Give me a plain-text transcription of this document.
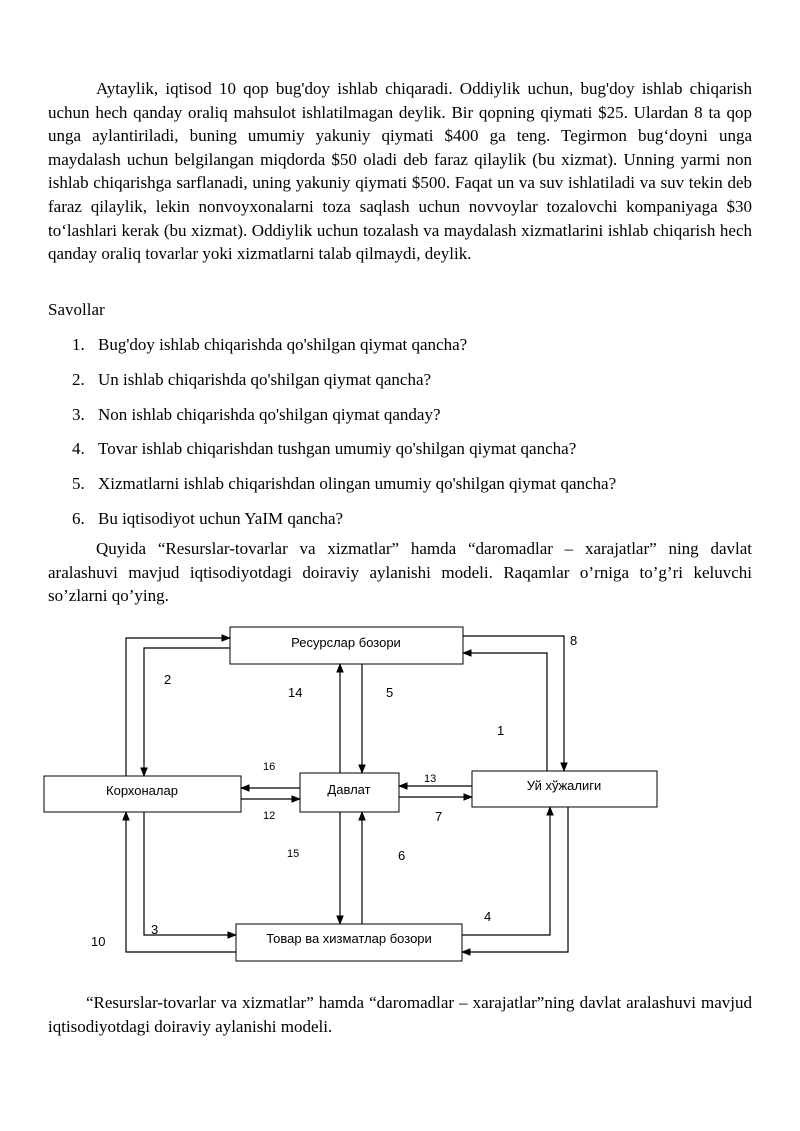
Aytaylik, iqtisod 10 qop bug'doy ishlab chiqaradi. Oddiylik uchun, bug'doy ishlab chiqarish uchun hech qanday oraliq mahsulot ishlatilmagan deylik. Bir qopning qiymati $25. Ulardan 8 ta qop unga aylantiriladi, buning umumiy yakuniy qiymati $400 ga teng. Tegirmon bug‘doyni unga maydalash uchun belgilangan miqdorda $50 oladi deb faraz qilaylik (bu xizmat). Unning yarmi non ishlab chiqarishga sarflanadi, uning yakuniy qiymati $500. Faqat un va suv ishlatiladi va suv tekin deb faraz qilaylik, lekin nonvoyxonalarni toza saqlash uchun novvoylar tozalovchi kompaniyaga $30 to‘lashlari kerak (bu xizmat). Oddiylik uchun tozalash va maydalash xizmatlarini ishlab chiqarish hech qanday oraliq tovarlar yoki xizmatlarni talab qilmaydi, deylik.
Savollar
1. Bug'doy ishlab chiqarishda qo'shilgan qiymat qancha?
2. Un ishlab chiqarishda qo'shilgan qiymat qancha?
3. Non ishlab chiqarishda qo'shilgan qiymat qanday?
4. Tovar ishlab chiqarishdan tushgan umumiy qo'shilgan qiymat qancha?
5. Xizmatlarni ishlab chiqarishdan olingan umumiy qo'shilgan qiymat qancha?
6. Bu iqtisodiyot uchun YaIM qancha?
Quyida “Resurslar-tovarlar va xizmatlar” hamda “daromadlar – xarajatlar” ning davlat aralashuvi mavjud iqtisodiyotdagi doiraviy aylanishi modeli. Raqamlar o’rniga to’g’ri keluvchi so’zlarni qo’ying.
Ресурслар бозори
Корхоналар	Давлат	Уй хўжалиги
Товар ва хизматлар бозори
2
14	5
8
1
16
13
12	7
15	6
4
3
10
“Resurslar-tovarlar va xizmatlar” hamda “daromadlar – xarajatlar”ning davlat aralashuvi mavjud iqtisodiyotdagi doiraviy aylanishi modeli.
